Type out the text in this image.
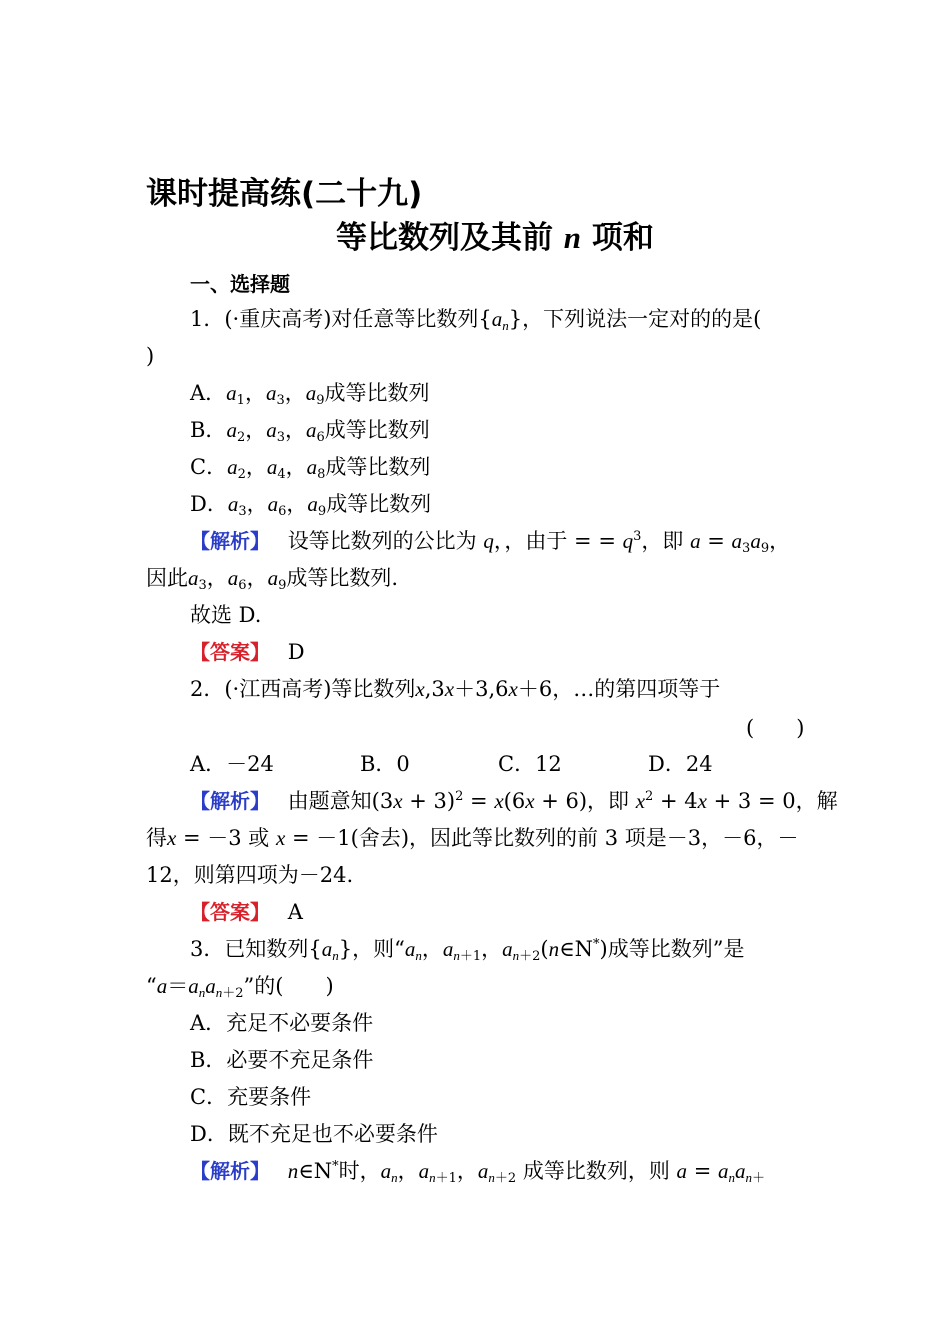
课时提高练(二十九)
等比数列及其前 n 项和
一、选择题
1．(·重庆高考)对任意等比数列$\{a_n\}$，下列说法一定对的的是(
)
A．$a_1$，$a_3$，$a_9$成等比数列
B．$a_2$，$a_3$，$a_6$成等比数列
C．$a_2$，$a_4$，$a_8$成等比数列
D．$a_3$，$a_6$，$a_9$成等比数列
【解析】　 设等比数列的公比为 q，，由于 = = $q^3$，即 $a = a_3a_9$，
因此$a_3$，$a_6$，$a_9$成等比数列.
故选 D.
【答案】　 D
2．(·江西高考)等比数列x,3x＋3,6x＋6，…的第四项等于
(　　)
A．－24	B．0	C．12	D．24
【解析】　 由题意知$(3x + 3)^2 = x(6x + 6)$，即 $x^2 + 4x + 3 = 0$，解
得x = －3 或 x = －1(舍去)，因此等比数列的前 3 项是－3，－6，－
12，则第四项为－24.
【答案】　 A
3．已知数列$\{a_n\}$，则“$a_n$，$a_{n+1}$，$a_{n+2}(n\in N^*)$成等比数列”是
“$a=a_na_{n+2}$”的(　　)
A．充足不必要条件
B．必要不充足条件
C．充要条件
D．既不充足也不必要条件
【解析】　 n∈N*时，$a_n$，$a_{n+1}$，$a_{n+2}$ 成等比数列，则 $a = a_na_{n+}$
